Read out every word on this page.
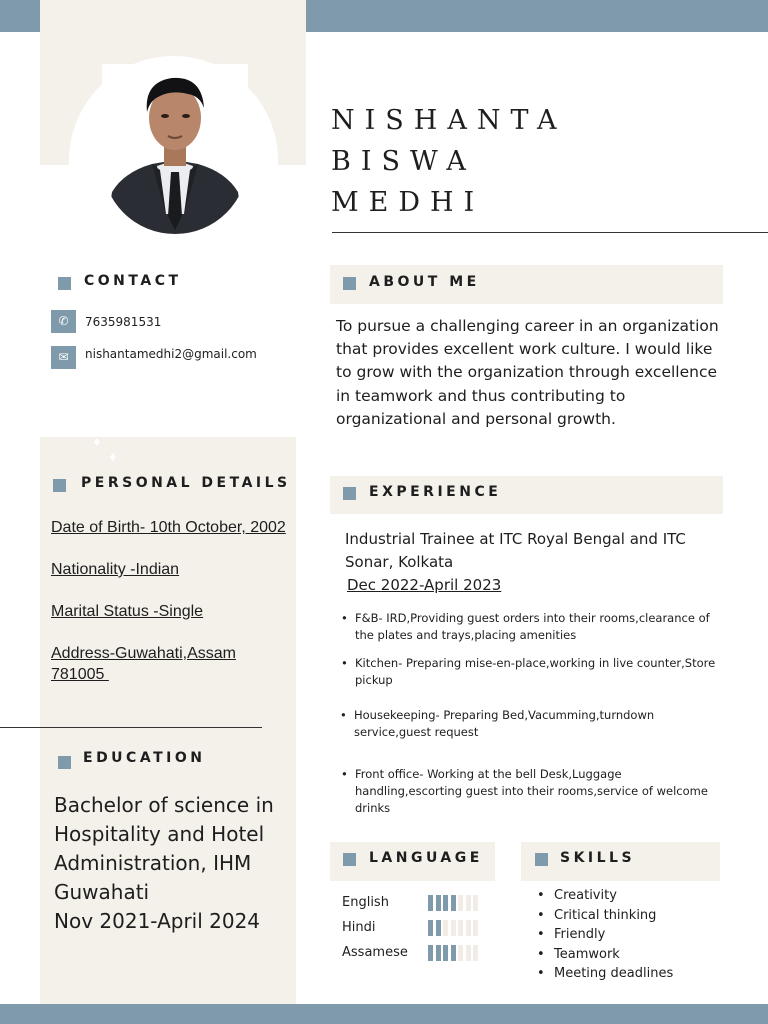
NISHANTA
BISWA
MEDHI
CONTACT
✆	7635981531
✉	nishantamedhi2@gmail.com
♦
♦
PERSONAL DETAILS
Date of Birth- 10th October, 2002
Nationality -Indian
Marital Status -Single
Address-Guwahati,Assam
781005
EDUCATION
Bachelor of science in
Hospitality and Hotel
Administration, IHM
Guwahati
Nov 2021-April 2024
ABOUT ME
To pursue a challenging career in an organization that provides excellent work culture. I would like to grow with the organization through excellence in teamwork and thus contributing to organizational and personal growth.
EXPERIENCE
Industrial Trainee at ITC Royal Bengal and ITC Sonar, Kolkata
Dec 2022-April 2023
• F&B- IRD,Providing guest orders into their rooms,clearance of the plates and trays,placing amenities
• Kitchen- Preparing mise-en-place,working in live counter,Store pickup
• Housekeeping- Preparing Bed,Vacumming,turndown service,guest request
• Front office- Working at the bell Desk,Luggage handling,escorting guest into their rooms,service of welcome drinks
LANGUAGE
English
Hindi
Assamese
SKILLS
• Creativity
• Critical thinking
• Friendly
• Teamwork
• Meeting deadlines
